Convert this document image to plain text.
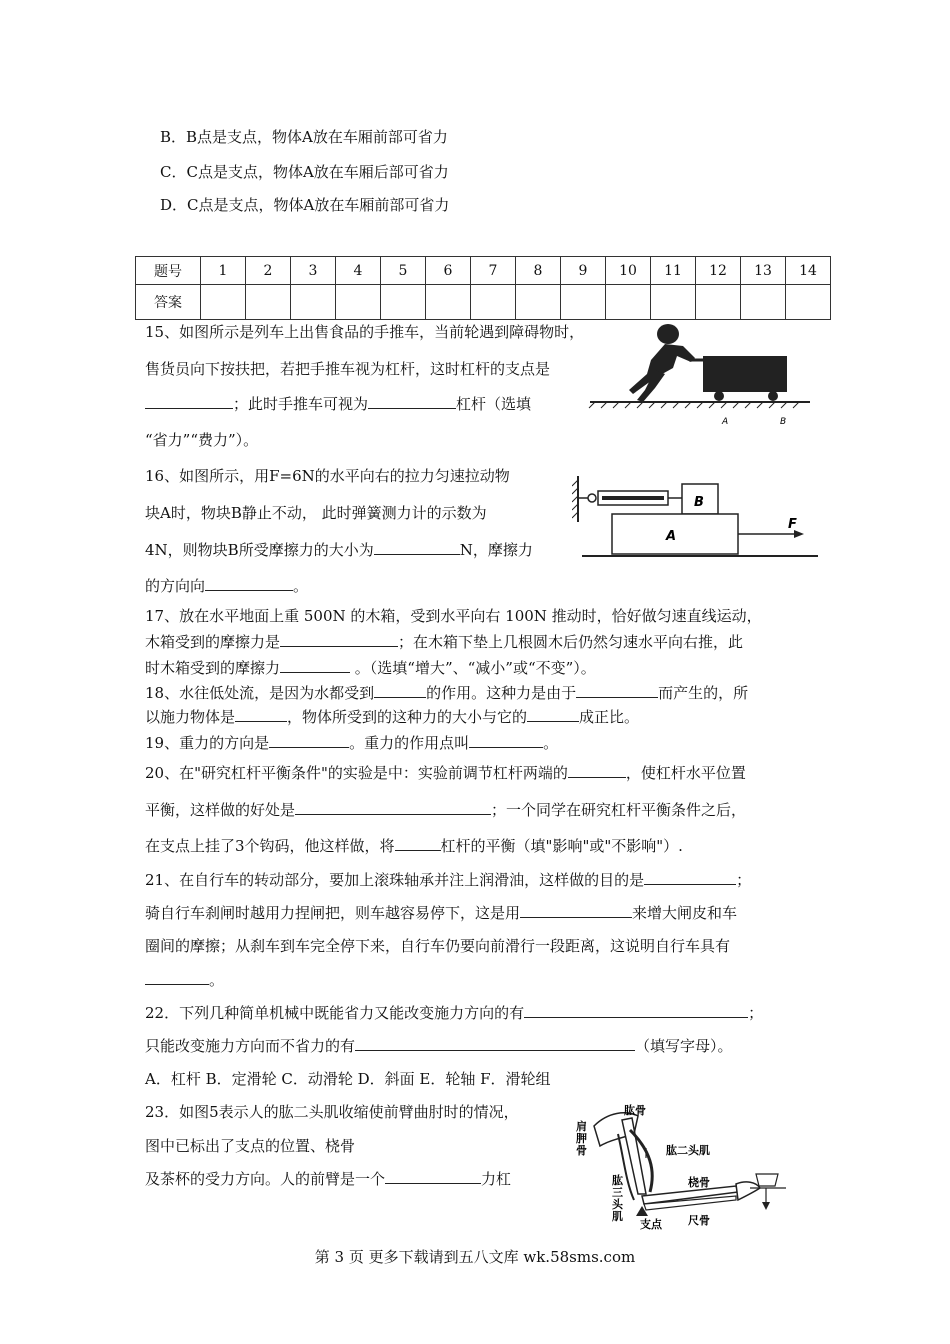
B．B点是支点，物体A放在车厢前部可省力
C．C点是支点，物体A放在车厢后部可省力
D．C点是支点，物体A放在车厢前部可省力
题号	1	2	3	4	5	6	7	8	9	10	11	12	13	14
答案														
15、如图所示是列车上出售食品的手推车，当前轮遇到障碍物时，
售货员向下按扶把，若把手推车视为杠杆，这时杠杆的支点是
；此时手推车可视为	杠杆（选填
“省力”“费力”）。
A	B
16、如图所示，用F=6N的水平向右的拉力匀速拉动物
块A时，物块B静止不动， 此时弹簧测力计的示数为
4N，则物块B所受摩擦力的大小为	N，摩擦力
的方向向	。
B
A
F
17、放在水平地面上重 500N 的木箱，受到水平向右 100N 推动时，恰好做匀速直线运动，
木箱受到的摩擦力是	；在木箱下垫上几根圆木后仍然匀速水平向右推，此
时木箱受到的摩擦力	。（选填“增大”、“减小”或“不变”）。
18、水往低处流，是因为水都受到	的作用。这种力是由于	而产生的，所
以施力物体是	，物体所受到的这种力的大小与它的	成正比。
19、重力的方向是	。重力的作用点叫	。
20、在"研究杠杆平衡条件"的实验是中：实验前调节杠杆两端的	，使杠杆水平位置
平衡，这样做的好处是	；一个同学在研究杠杆平衡条件之后，
在支点上挂了3个钩码，他这样做，将	杠杆的平衡（填"影响"或"不影响"）.
21、在自行车的转动部分，要加上滚珠轴承并注上润滑油，这样做的目的是	；
骑自行车刹闸时越用力捏闸把，则车越容易停下，这是用	来增大闸皮和车
圈间的摩擦；从刹车到车完全停下来，自行车仍要向前滑行一段距离，这说明自行车具有
。
22．下列几种简单机械中既能省力又能改变施力方向的有	；
只能改变施力方向而不省力的有	（填写字母）。
A．杠杆 B．定滑轮 C．动滑轮 D．斜面 E．轮轴 F．滑轮组
23．如图5表示人的肱二头肌收缩使前臂曲肘时的情况，
图中已标出了支点的位置、桡骨
及茶杯的受力方向。人的前臂是一个	力杠
肱骨
肩
胛
骨	肱二头肌
桡骨
肱
三
头
肌
支点 尺骨
第 3 页 更多下载请到五八文库 wk.58sms.com
